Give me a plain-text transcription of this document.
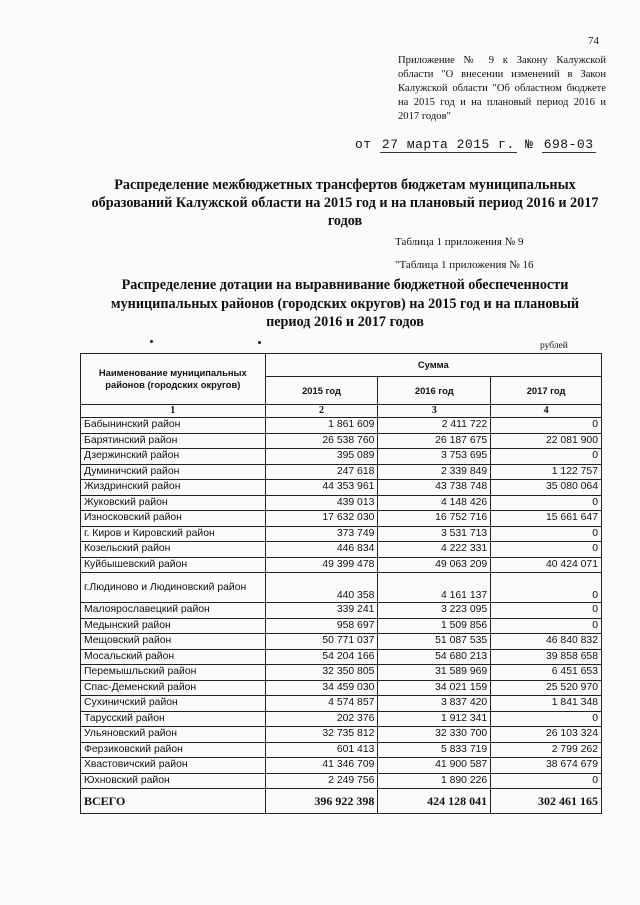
74
Приложение № 9 к Закону Калужской области "О внесении изменений в Закон Калужской области "Об областном бюджете на 2015 год и на плановый период 2016 и 2017 годов"
от 27 марта 2015 г. № 698-03
Распределение межбюджетных трансфертов бюджетам муниципальных образований Калужской области на 2015 год и на плановый период 2016 и 2017 годов
Таблица 1 приложения № 9
"Таблица 1 приложения № 16
Распределение дотации на выравнивание бюджетной обеспеченности муниципальных районов (городских округов) на 2015 год и на плановый период 2016 и 2017 годов
рублей
Наименование муниципальных районов (городских округов)	Сумма		
	2015 год	2016 год	2017 год
1	2	3	4
Бабынинский район	1 861 609	2 411 722	0
Барятинский район	26 538 760	26 187 675	22 081 900
Дзержинский район	395 089	3 753 695	0
Думиничский район	247 618	2 339 849	1 122 757
Жиздринский район	44 353 961	43 738 748	35 080 064
Жуковский район	439 013	4 148 426	0
Износковский район	17 632 030	16 752 716	15 661 647
г. Киров и Кировский район	373 749	3 531 713	0
Козельский район	446 834	4 222 331	0
Куйбышевский район	49 399 478	49 063 209	40 424 071
г.Людиново и Людиновский район	440 358	4 161 137	0
Малоярославецкий район	339 241	3 223 095	0
Медынский район	958 697	1 509 856	0
Мещовский район	50 771 037	51 087 535	46 840 832
Мосальский район	54 204 166	54 680 213	39 858 658
Перемышльский район	32 350 805	31 589 969	6 451 653
Спас-Деменский район	34 459 030	34 021 159	25 520 970
Сухиничский район	4 574 857	3 837 420	1 841 348
Тарусский район	202 376	1 912 341	0
Ульяновский район	32 735 812	32 330 700	26 103 324
Ферзиковский район	601 413	5 833 719	2 799 262
Хвастовичский район	41 346 709	41 900 587	38 674 679
Юхновский район	2 249 756	1 890 226	0
ВСЕГО	396 922 398	424 128 041	302 461 165
